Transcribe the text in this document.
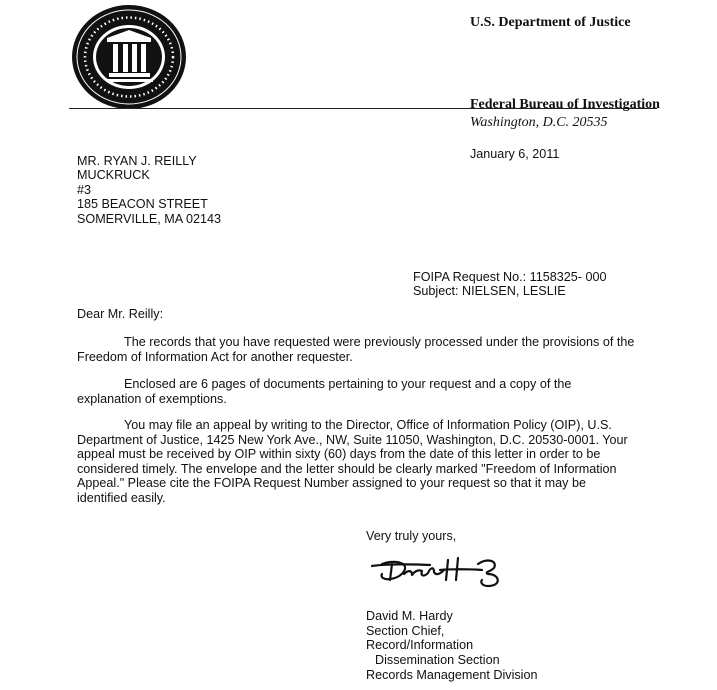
U.S. Department of Justice
Federal Bureau of Investigation
Washington, D.C. 20535
January 6, 2011
MR. RYAN J. REILLY
MUCKRUCK
#3
185 BEACON STREET
SOMERVILLE, MA 02143
FOIPA Request No.: 1158325- 000
Subject: NIELSEN, LESLIE
Dear Mr. Reilly:

The records that you have requested were previously processed under the provisions of the Freedom of Information Act for another requester.

Enclosed are 6 pages of documents pertaining to your request and a copy of the explanation of exemptions.

You may file an appeal by writing to the Director, Office of Information Policy (OIP), U.S. Department of Justice, 1425 New York Ave., NW, Suite 11050, Washington, D.C. 20530-0001. Your appeal must be received by OIP within sixty (60) days from the date of this letter in order to be considered timely. The envelope and the letter should be clearly marked "Freedom of Information Appeal." Please cite the FOIPA Request Number assigned to your request so that it may be identified easily.

Very truly yours,
David M. Hardy
Section Chief,
Record/Information
Dissemination Section
Records Management Division
